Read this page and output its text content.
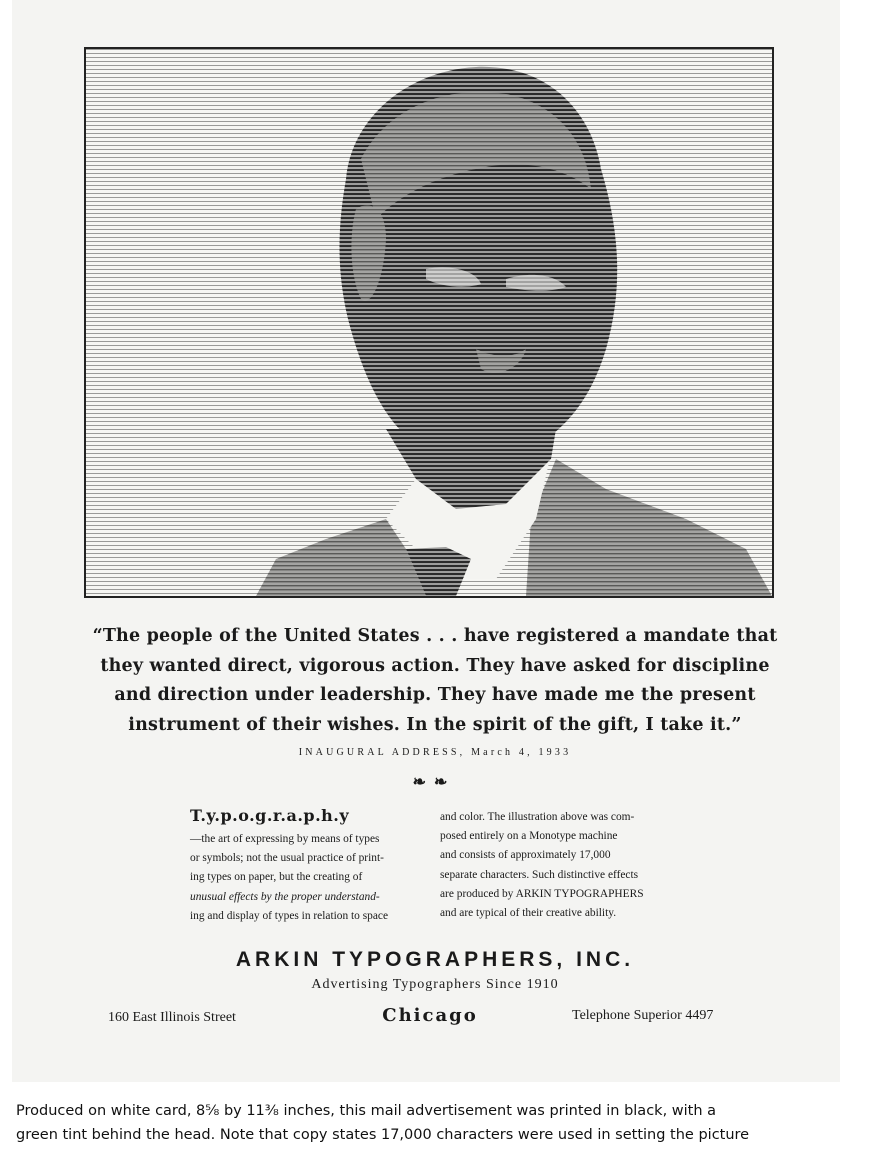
“The people of the United States . . . have registered a mandate that
they wanted direct, vigorous action. They have asked for discipline
and direction under leadership. They have made me the present
instrument of their wishes. In the spirit of the gift, I take it.”
INAUGURAL ADDRESS, March 4, 1933
❧ ❧
T.y.p.o.g.r.a.p.h.y
—the art of expressing by means of types
or symbols; not the usual practice of print-
ing types on paper, but the creating of
unusual effects by the proper understand-
ing and display of types in relation to space
and color. The illustration above was com-
posed entirely on a Monotype machine
and consists of approximately 17,000
separate characters. Such distinctive effects
are produced by ARKIN TYPOGRAPHERS
and are typical of their creative ability.
ARKIN TYPOGRAPHERS, INC.
Advertising Typographers Since 1910
160 East Illinois Street	Chicago	Telephone Superior 4497
Produced on white card, 8⅝ by 11⅜ inches, this mail advertisement was printed in black, with a
green tint behind the head. Note that copy states 17,000 characters were used in setting the picture
